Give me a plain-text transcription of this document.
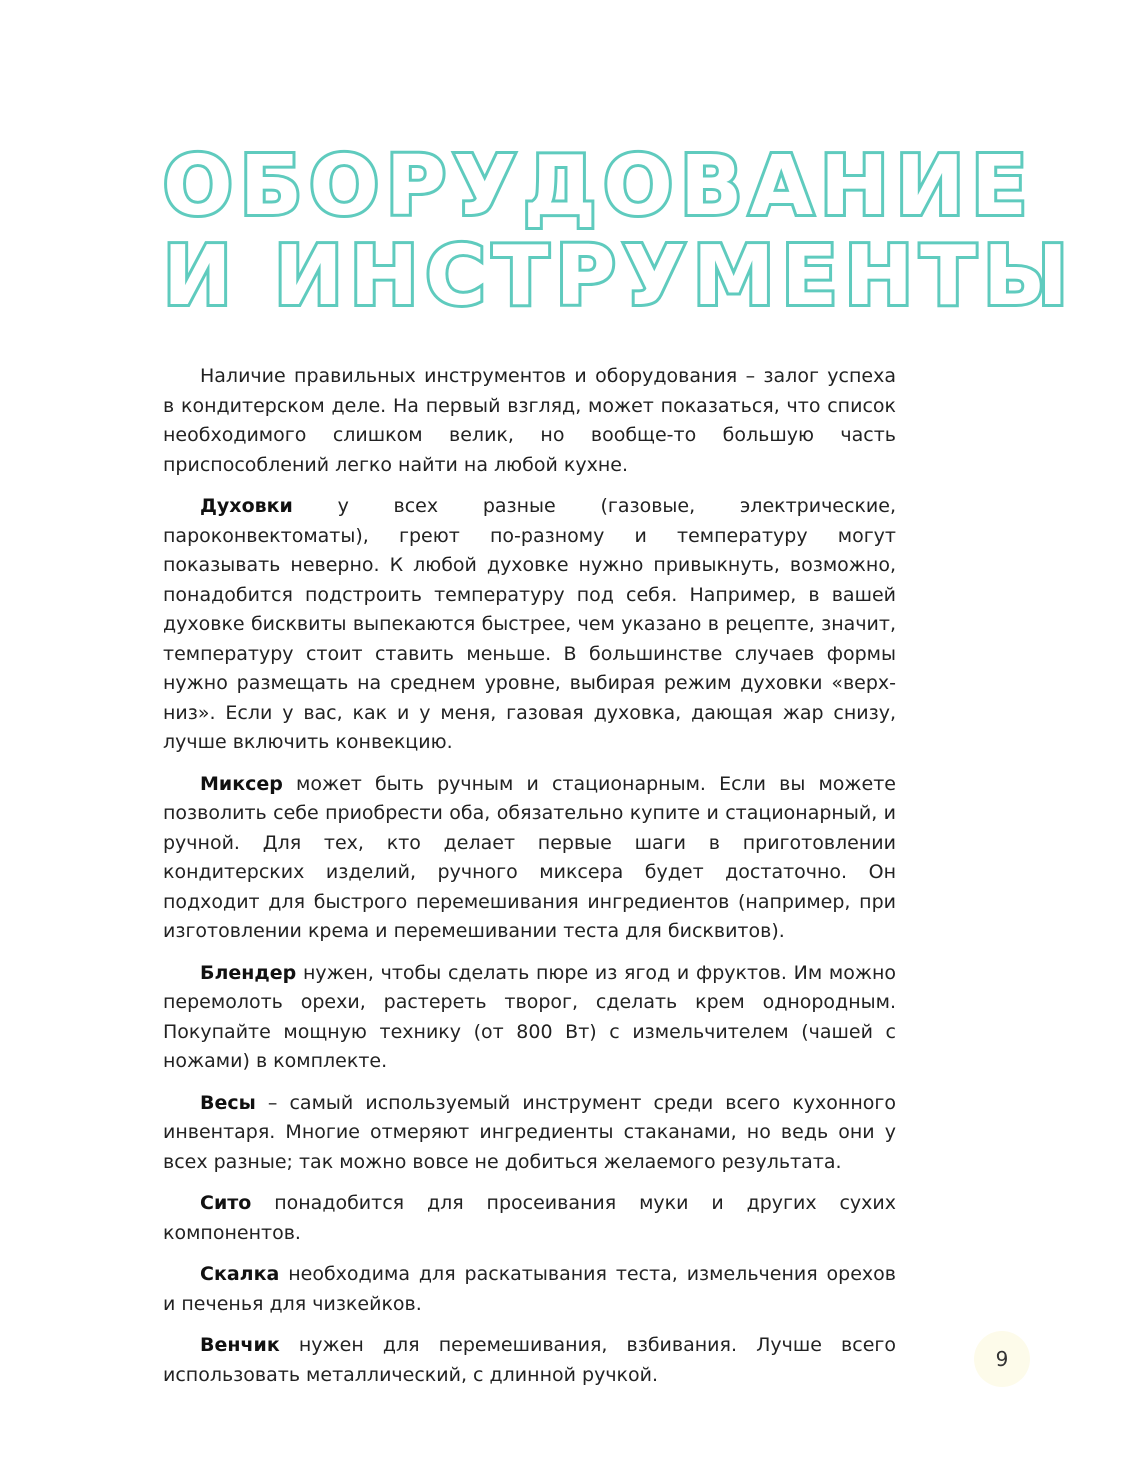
ОБОРУДОВАНИЕ
И ИНСТРУМЕНТЫ

Наличие правильных инструментов и оборудования – залог успеха в кондитерском деле. На первый взгляд, может показаться, что список необходимого слишком велик, но вообще-то большую часть приспособлений легко найти на любой кухне.

Духовки у всех разные (газовые, электрические, пароконвектоматы), греют по-разному и температуру могут показывать неверно. К любой духовке нужно привыкнуть, возможно, понадобится подстроить температуру под себя. Например, в вашей духовке бисквиты выпекаются быстрее, чем указано в рецепте, значит, температуру стоит ставить меньше. В большинстве случаев формы нужно размещать на среднем уровне, выбирая режим духовки «верх-низ». Если у вас, как и у меня, газовая духовка, дающая жар снизу, лучше включить конвекцию.

Миксер может быть ручным и стационарным. Если вы можете позволить себе приобрести оба, обязательно купите и стационарный, и ручной. Для тех, кто делает первые шаги в приготовлении кондитерских изделий, ручного миксера будет достаточно. Он подходит для быстрого перемешивания ингредиентов (например, при изготовлении крема и перемешивании теста для бисквитов).

Блендер нужен, чтобы сделать пюре из ягод и фруктов. Им можно перемолоть орехи, растереть творог, сделать крем однородным. Покупайте мощную технику (от 800 Вт) с измельчителем (чашей с ножами) в комплекте.

Весы – самый используемый инструмент среди всего кухонного инвентаря. Многие отмеряют ингредиенты стаканами, но ведь они у всех разные; так можно вовсе не добиться желаемого результата.

Сито понадобится для просеивания муки и других сухих компонентов.

Скалка необходима для раскатывания теста, измельчения орехов и печенья для чизкейков.

Венчик нужен для перемешивания, взбивания. Лучше всего использовать металлический, с длинной ручкой.

9
